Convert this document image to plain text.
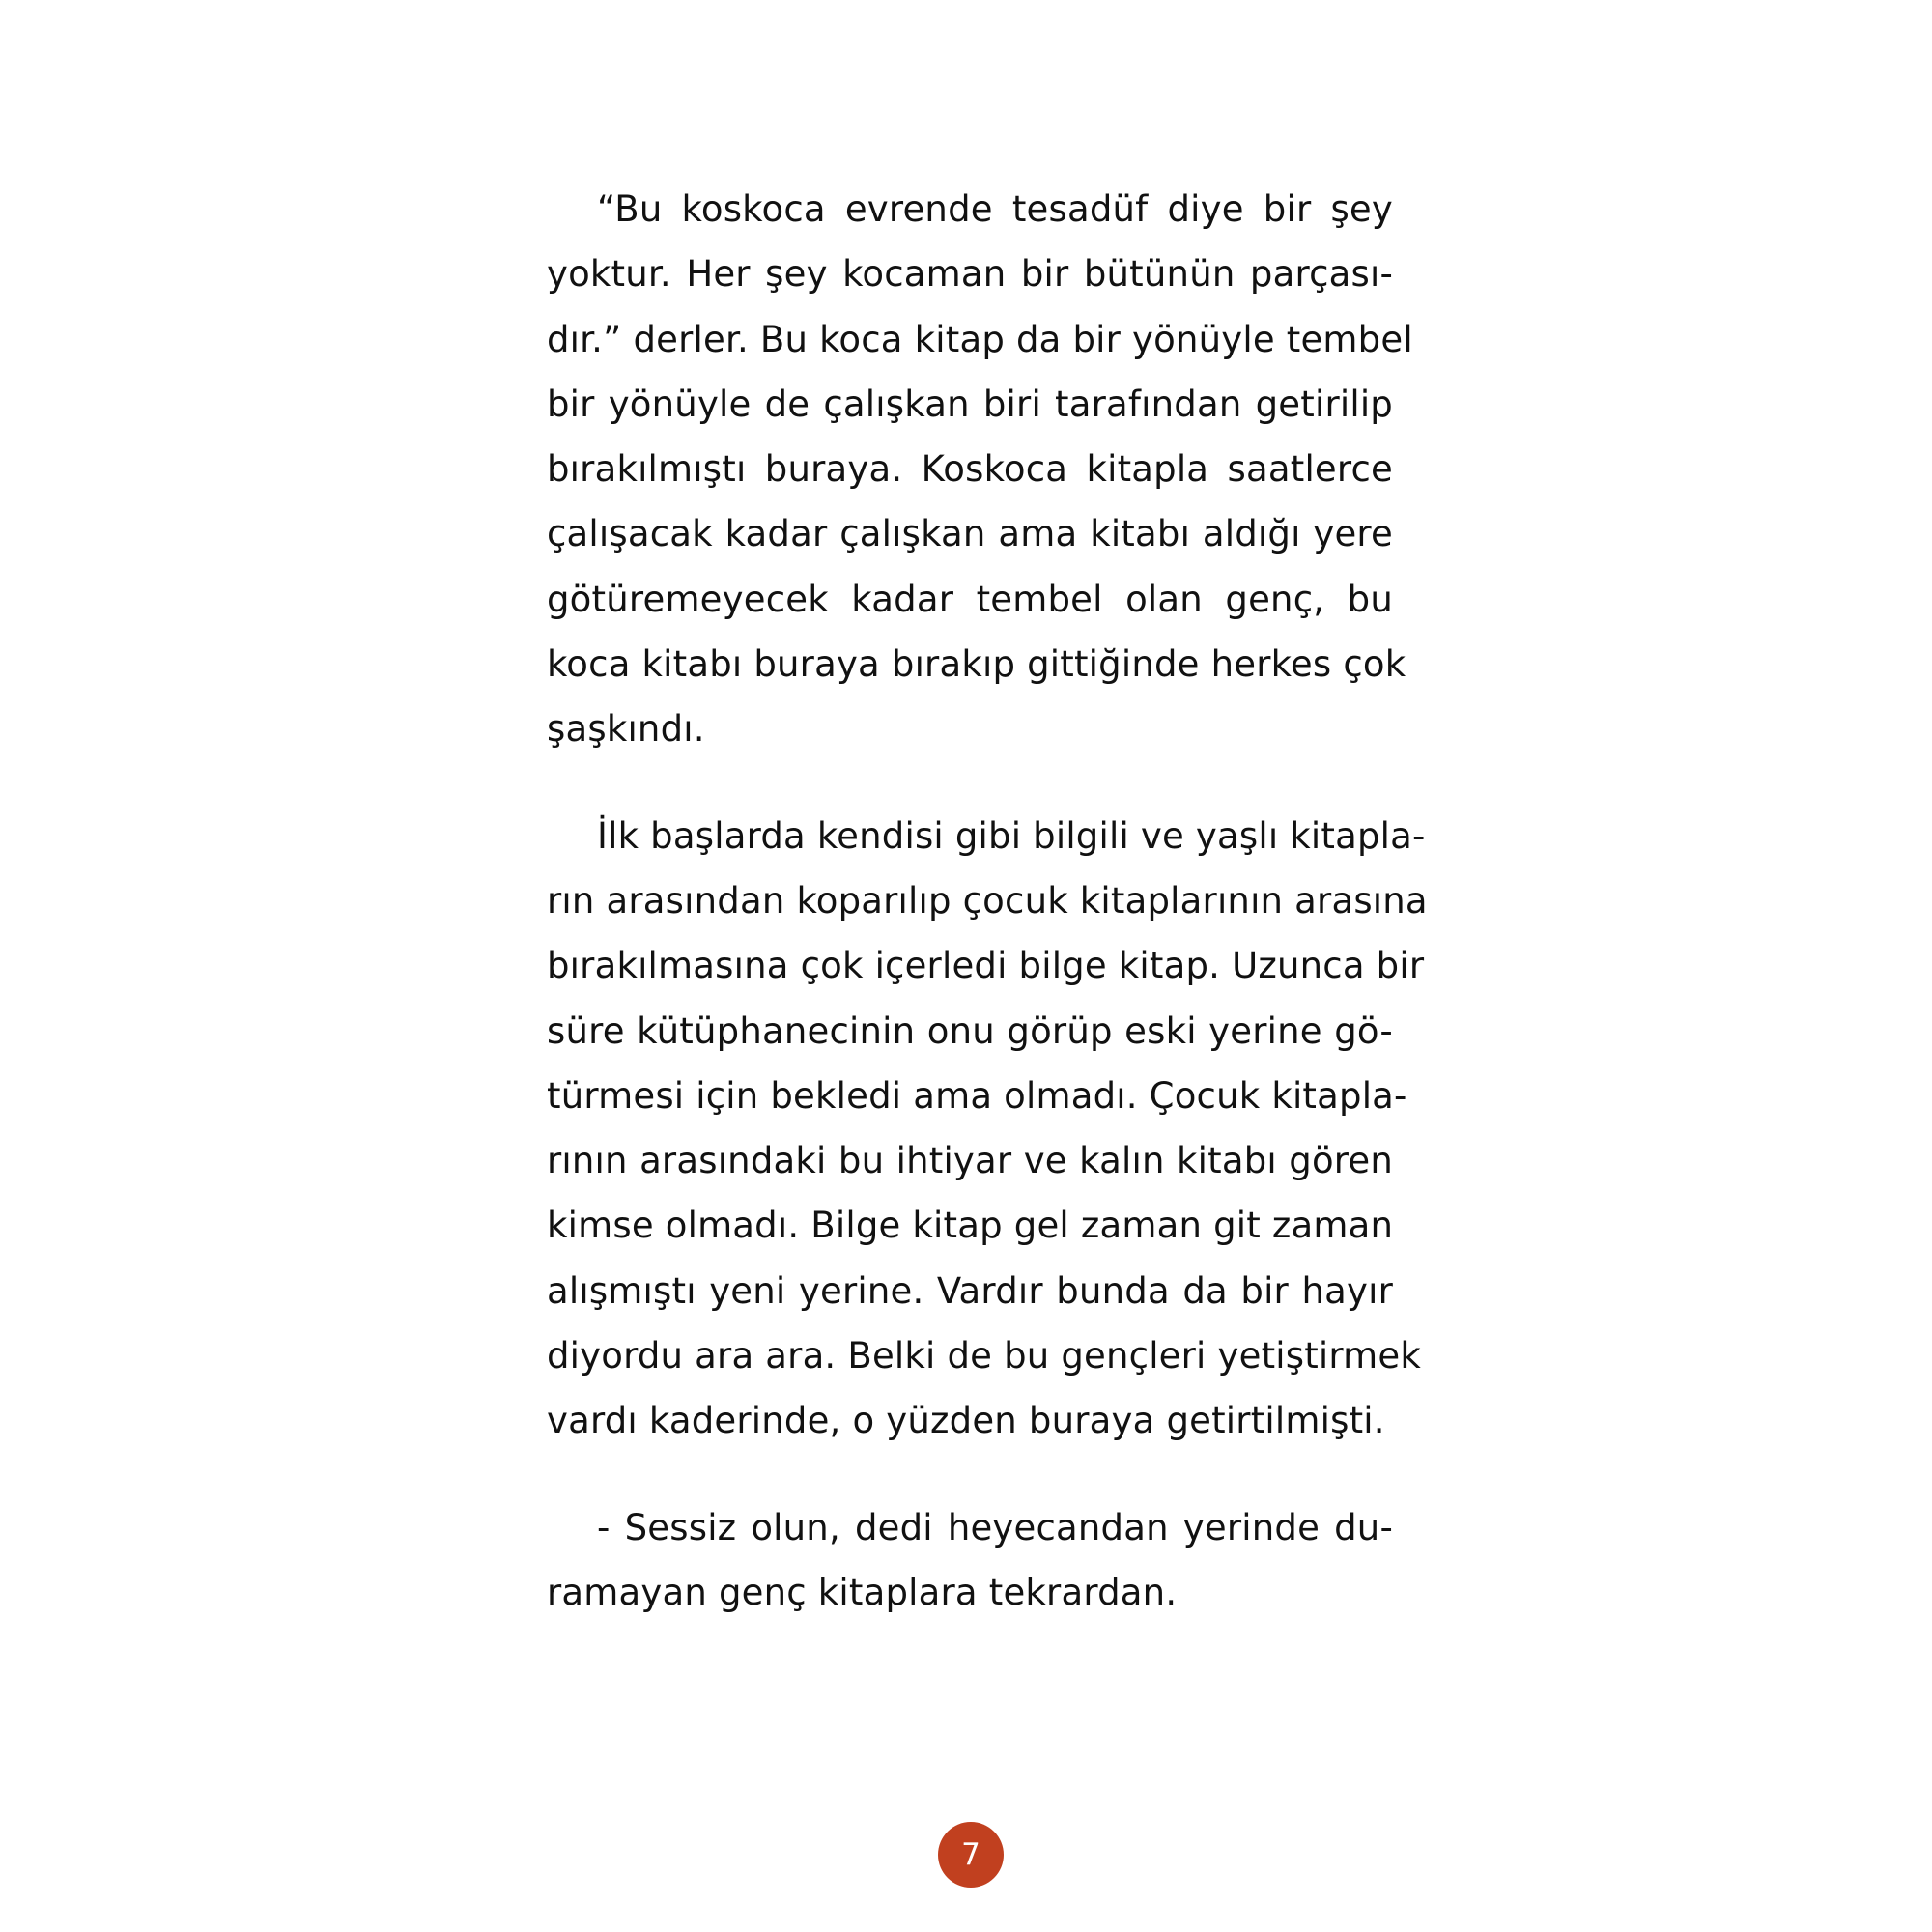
“Bu koskoca evrende tesadüf diye bir şey
yoktur. Her şey kocaman bir bütünün parçası-
dır.” derler. Bu koca kitap da bir yönüyle tembel
bir yönüyle de çalışkan biri tarafından getirilip
bırakılmıştı buraya. Koskoca kitapla saatlerce
çalışacak kadar çalışkan ama kitabı aldığı yere
götüremeyecek kadar tembel olan genç, bu
koca kitabı buraya bırakıp gittiğinde herkes çok
şaşkındı.
İlk başlarda kendisi gibi bilgili ve yaşlı kitapla-
rın arasından koparılıp çocuk kitaplarının arasına
bırakılmasına çok içerledi bilge kitap. Uzunca bir
süre kütüphanecinin onu görüp eski yerine gö-
türmesi için bekledi ama olmadı. Çocuk kitapla-
rının arasındaki bu ihtiyar ve kalın kitabı gören
kimse olmadı. Bilge kitap gel zaman git zaman
alışmıştı yeni yerine. Vardır bunda da bir hayır
diyordu ara ara. Belki de bu gençleri yetiştirmek
vardı kaderinde, o yüzden buraya getirtilmişti.
- Sessiz olun, dedi heyecandan yerinde du-
ramayan genç kitaplara tekrardan.
7
